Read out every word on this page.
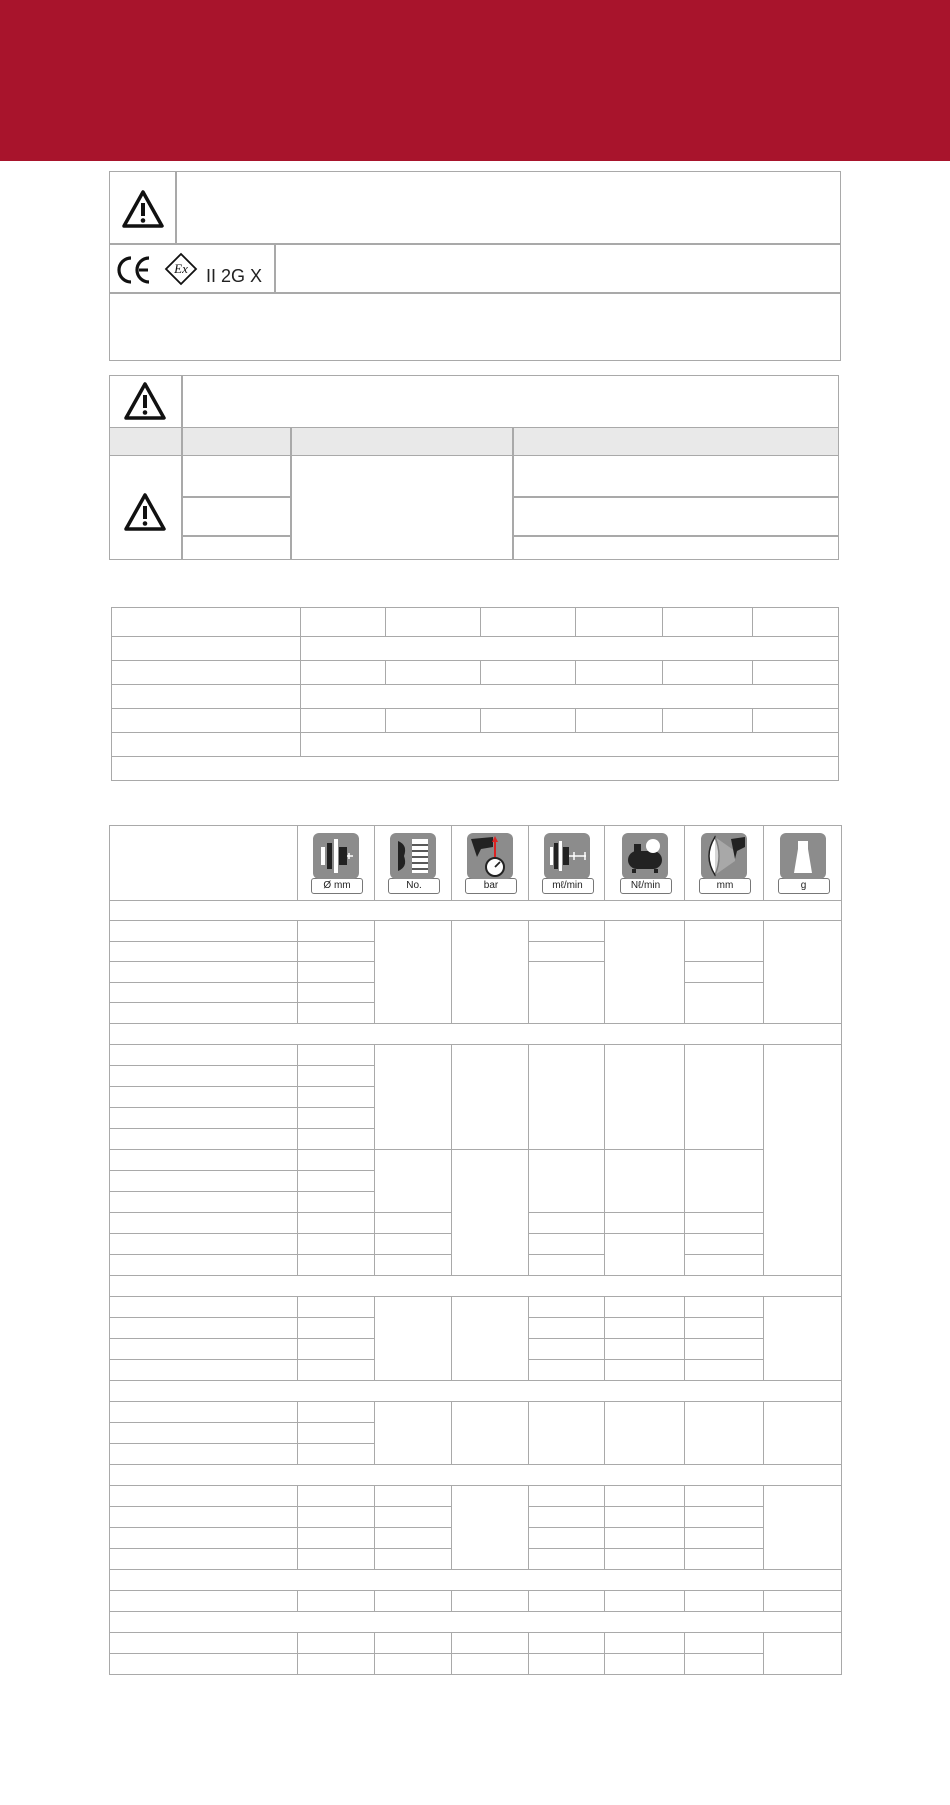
Ex II 2G X

	Ø mm	No.	bar	mℓ/min	Nℓ/min	mm	g
